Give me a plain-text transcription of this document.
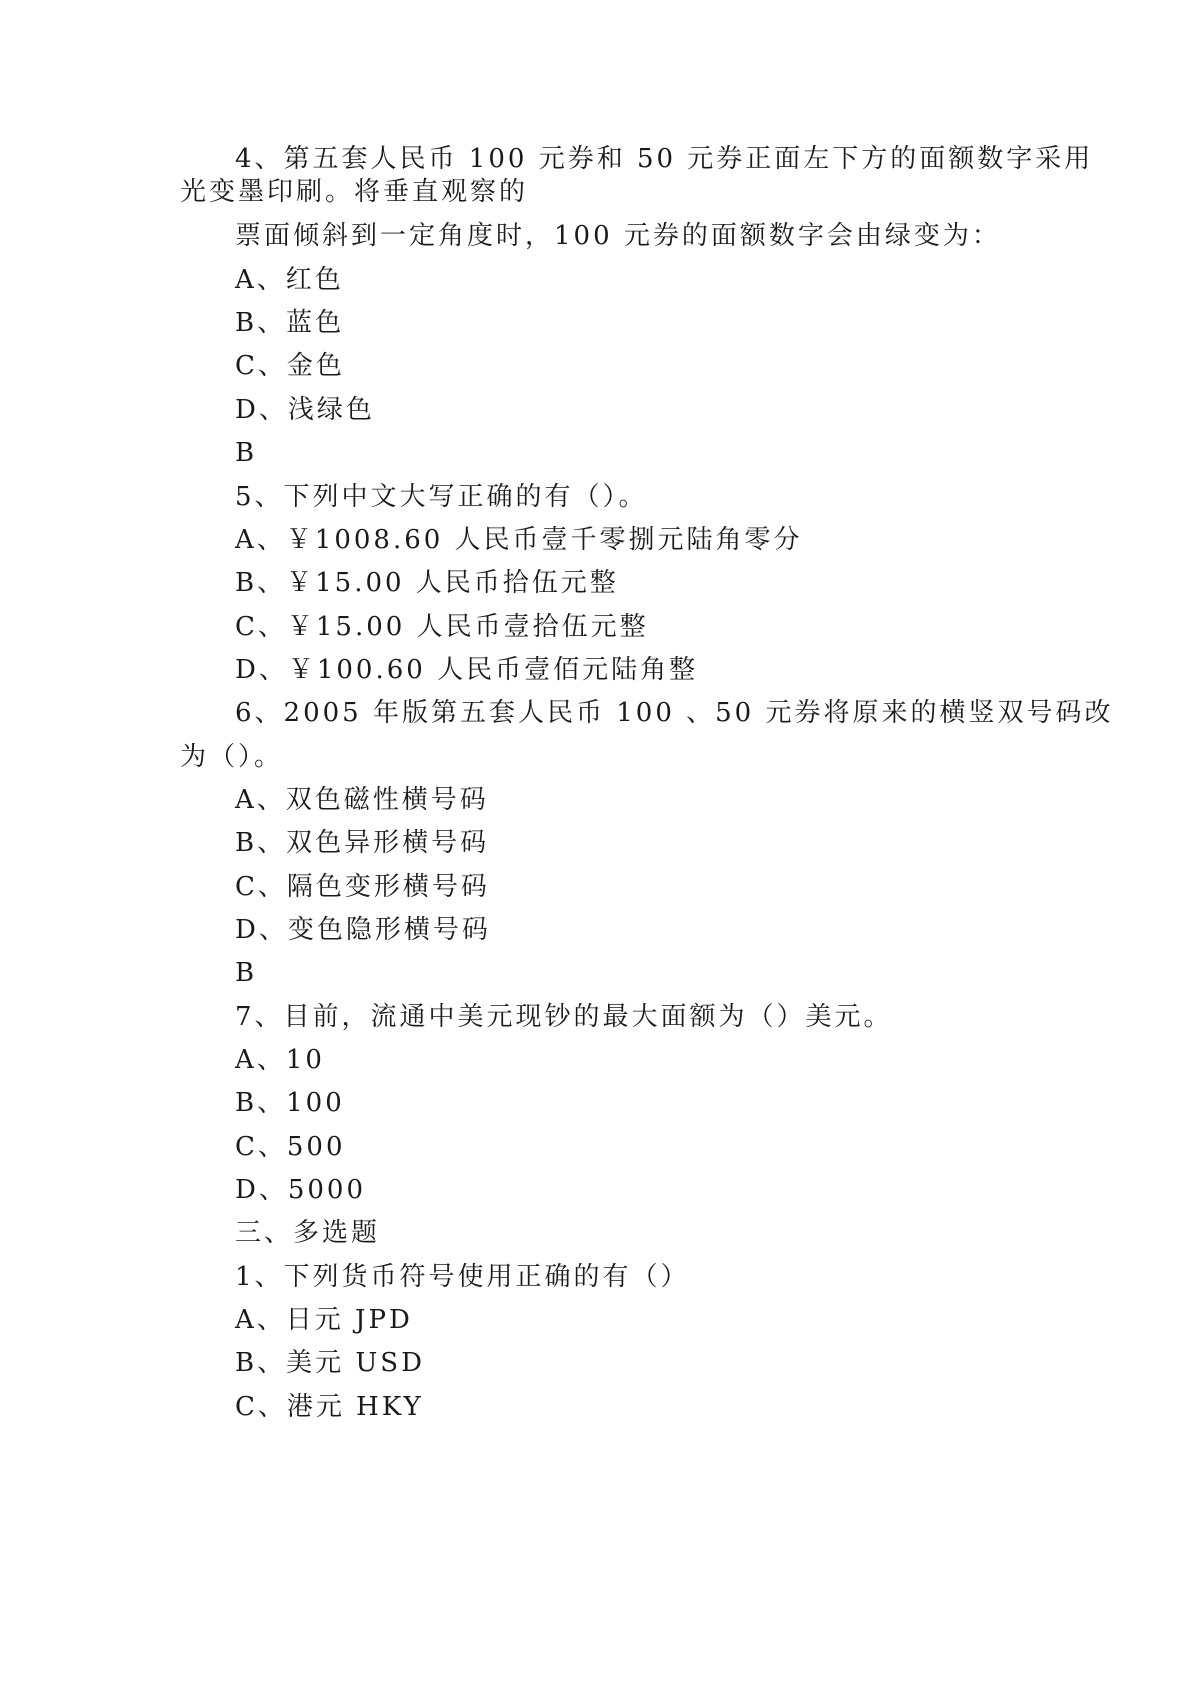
4、第五套人民币 100 元券和 50 元券正面左下方的面额数字采用
光变墨印刷。将垂直观察的
票面倾斜到一定角度时，100 元券的面额数字会由绿变为：
A、红色
B、蓝色
C、金色
D、浅绿色
B
5、下列中文大写正确的有（）。
A、￥1008.60 人民币壹千零捌元陆角零分
B、￥15.00 人民币拾伍元整
C、￥15.00 人民币壹拾伍元整
D、￥100.60 人民币壹佰元陆角整
6、2005 年版第五套人民币 100 、50 元券将原来的横竖双号码改
为（）。
A、双色磁性横号码
B、双色异形横号码
C、隔色变形横号码
D、变色隐形横号码
B
7、目前，流通中美元现钞的最大面额为（）美元。
A、10
B、100
C、500
D、5000
三、多选题
1、下列货币符号使用正确的有（）
A、日元 JPD
B、美元 USD
C、港元 HKY
